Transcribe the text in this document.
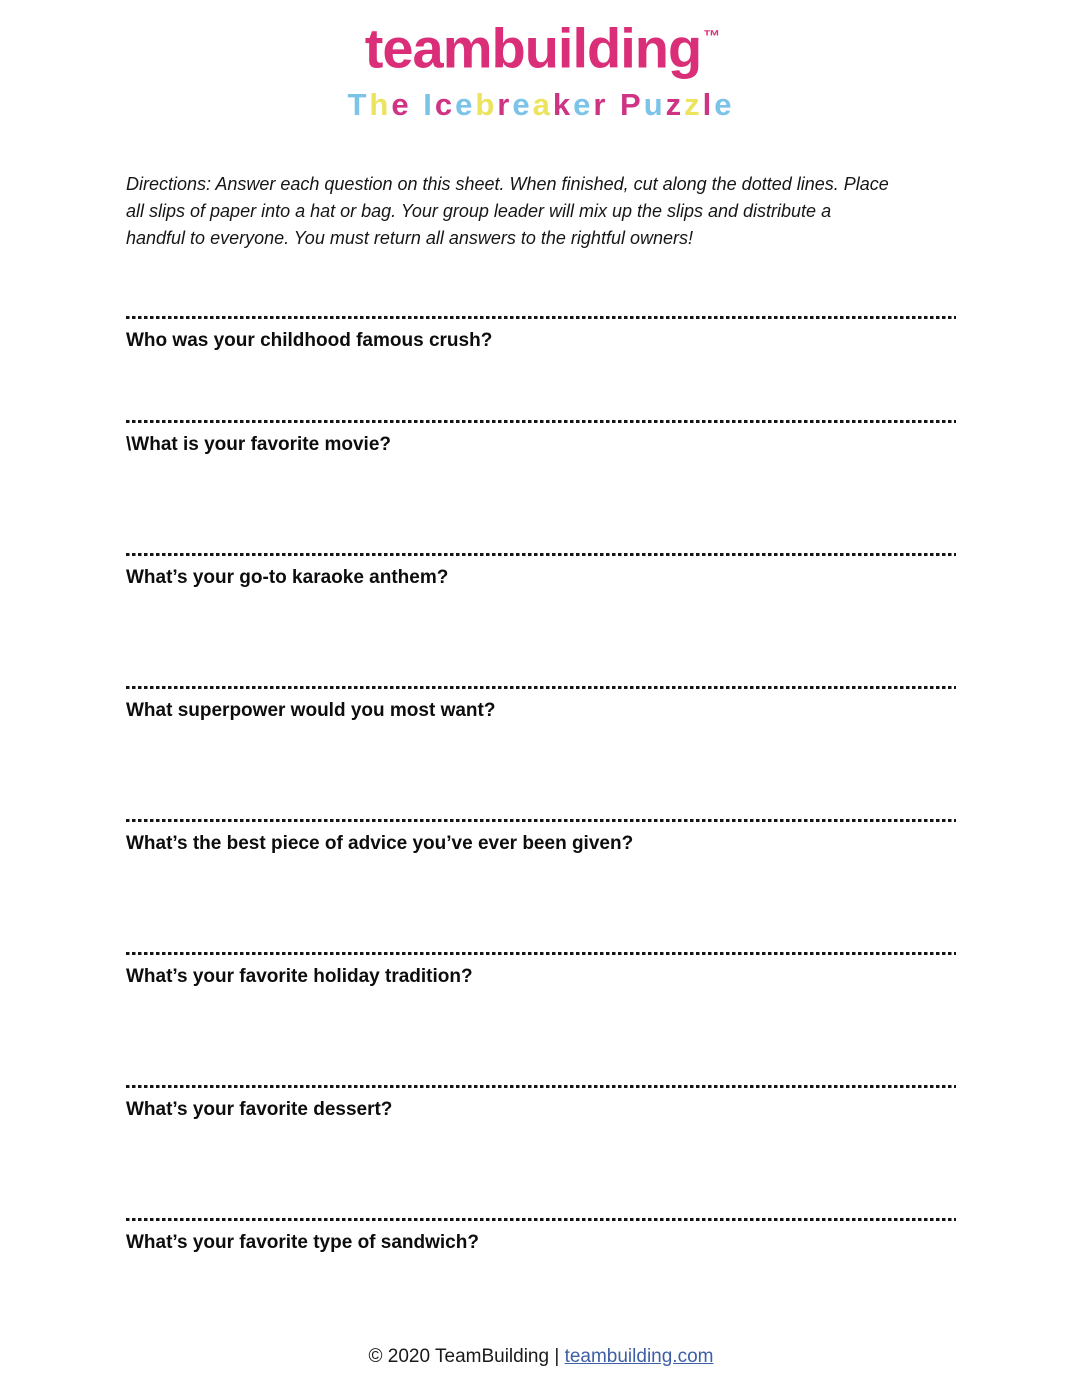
teambuilding ™
The Icebreaker Puzzle
Directions: Answer each question on this sheet. When finished, cut along the dotted lines. Place
all slips of paper into a hat or bag. Your group leader will mix up the slips and distribute a
handful to everyone. You must return all answers to the rightful owners!

Who was your childhood famous crush?

\What is your favorite movie?

What’s your go-to karaoke anthem?

What superpower would you most want?

What’s the best piece of advice you’ve ever been given?

What’s your favorite holiday tradition?

What’s your favorite dessert?

What’s your favorite type of sandwich?

© 2020 TeamBuilding | teambuilding.com
